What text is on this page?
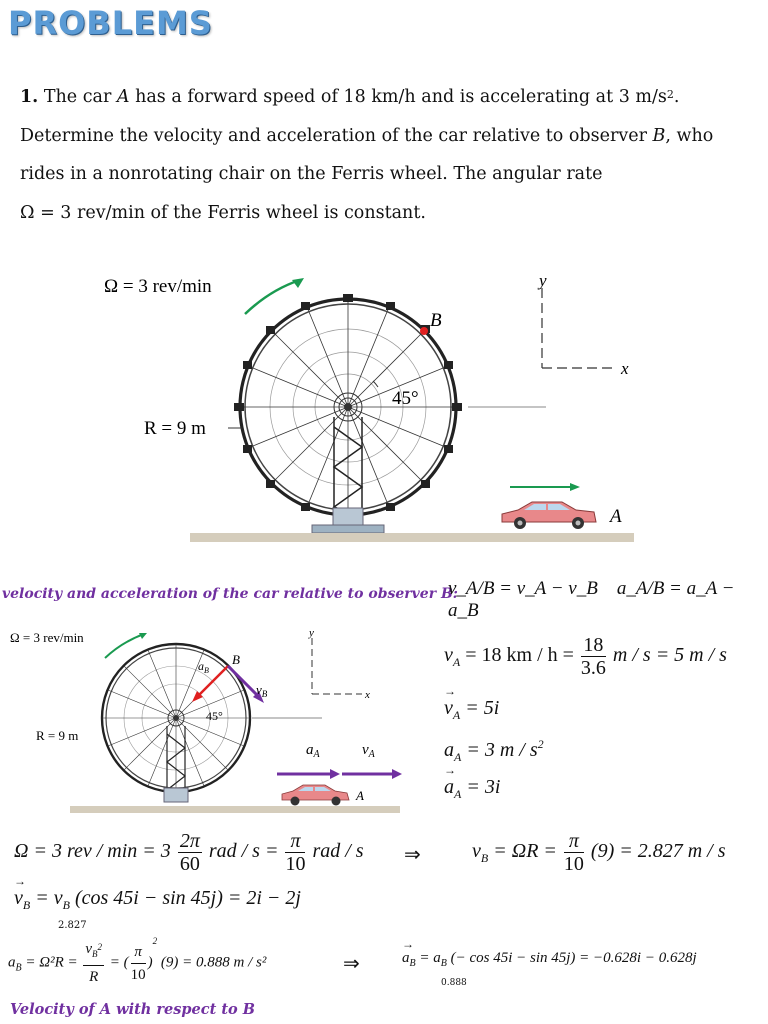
PROBLEMS
1. The car A has a forward speed of 18 km/h and is accelerating at 3 $m/s^2$.
Determine the velocity and acceleration of the car relative to observer B, who
rides in a nonrotating chair on the Ferris wheel. The angular rate
Ω = 3 rev/min of the Ferris wheel is constant.
Ω = 3 rev/min
B
45°
R = 9 m
y
x
A
velocity and acceleration of the car relative to observer B:
v_A/B = v_A − v_B a_A/B = a_A − a_B
Ω = 3 rev/min
B
$a_B$
$v_B$
45°
R = 9 m
y
x
$a_A$	$v_A$
A
$v_A = 18$ km / $h = \frac{18}{3.6}$ m / s = 5 m / s
→ $v_A = 5i$
$a_A = 3$ m / $s^2$
→ $a_A = 3i$
Ω = 3 rev / $\min = 3 \frac{2\pi}{60}$ rad / $s = \frac{\pi}{10}$ rad / s ⇒	$v_B = \Omega R = \frac{\pi}{10} (9) = 2.827$ m / s
→ $v_B = v_B$ (cos 45i − sin 45j) = 2i − 2j
2.827
$a_B = \Omega^2R = \frac{v_B^2}{R}$ = ( $\frac{\pi}{10} )^2$ (9) = 0.888 m / s²	⇒
→	$a_B = a_B$ (− cos 45i − sin 45j) = −0.628i − 0.628j
0.888
Velocity of A with respect to B
